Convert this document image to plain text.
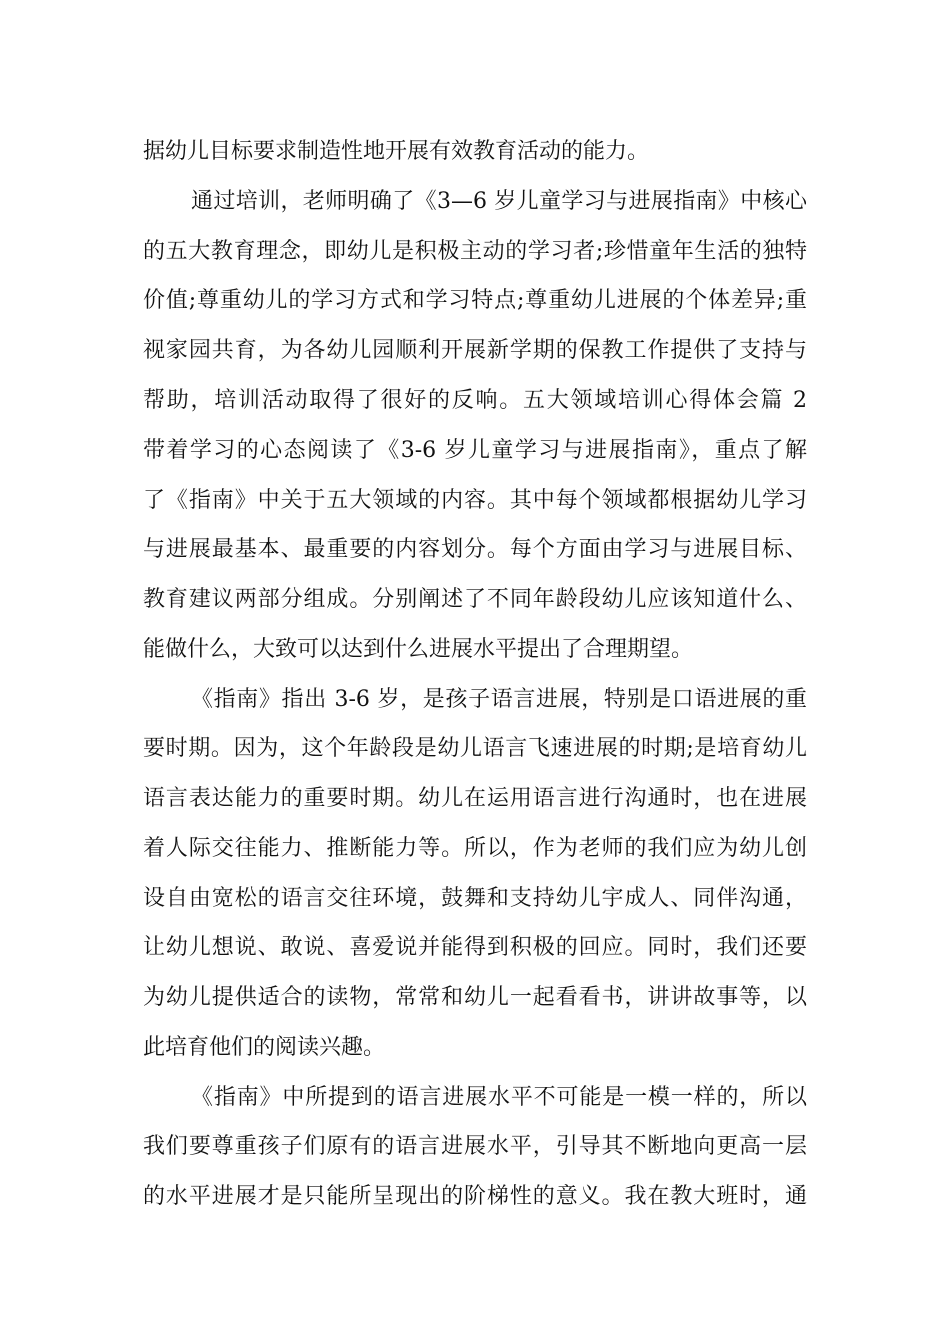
据幼儿目标要求制造性地开展有效教育活动的能力。
通过培训，老师明确了《3—6 岁儿童学习与进展指南》中核心
的五大教育理念，即幼儿是积极主动的学习者;珍惜童年生活的独特
价值;尊重幼儿的学习方式和学习特点;尊重幼儿进展的个体差异;重
视家园共育，为各幼儿园顺利开展新学期的保教工作提供了支持与
帮助，培训活动取得了很好的反响。五大领域培训心得体会篇 2
带着学习的心态阅读了《3-6 岁儿童学习与进展指南》，重点了解
了《指南》中关于五大领域的内容。其中每个领域都根据幼儿学习
与进展最基本、最重要的内容划分。每个方面由学习与进展目标、
教育建议两部分组成。分别阐述了不同年龄段幼儿应该知道什么、
能做什么，大致可以达到什么进展水平提出了合理期望。
《指南》指出 3-6 岁，是孩子语言进展，特别是口语进展的重
要时期。因为，这个年龄段是幼儿语言飞速进展的时期;是培育幼儿
语言表达能力的重要时期。幼儿在运用语言进行沟通时，也在进展
着人际交往能力、推断能力等。所以，作为老师的我们应为幼儿创
设自由宽松的语言交往环境，鼓舞和支持幼儿宇成人、同伴沟通，
让幼儿想说、敢说、喜爱说并能得到积极的回应。同时，我们还要
为幼儿提供适合的读物，常常和幼儿一起看看书，讲讲故事等，以
此培育他们的阅读兴趣。
《指南》中所提到的语言进展水平不可能是一模一样的，所以
我们要尊重孩子们原有的语言进展水平，引导其不断地向更高一层
的水平进展才是只能所呈现出的阶梯性的意义。我在教大班时，通
